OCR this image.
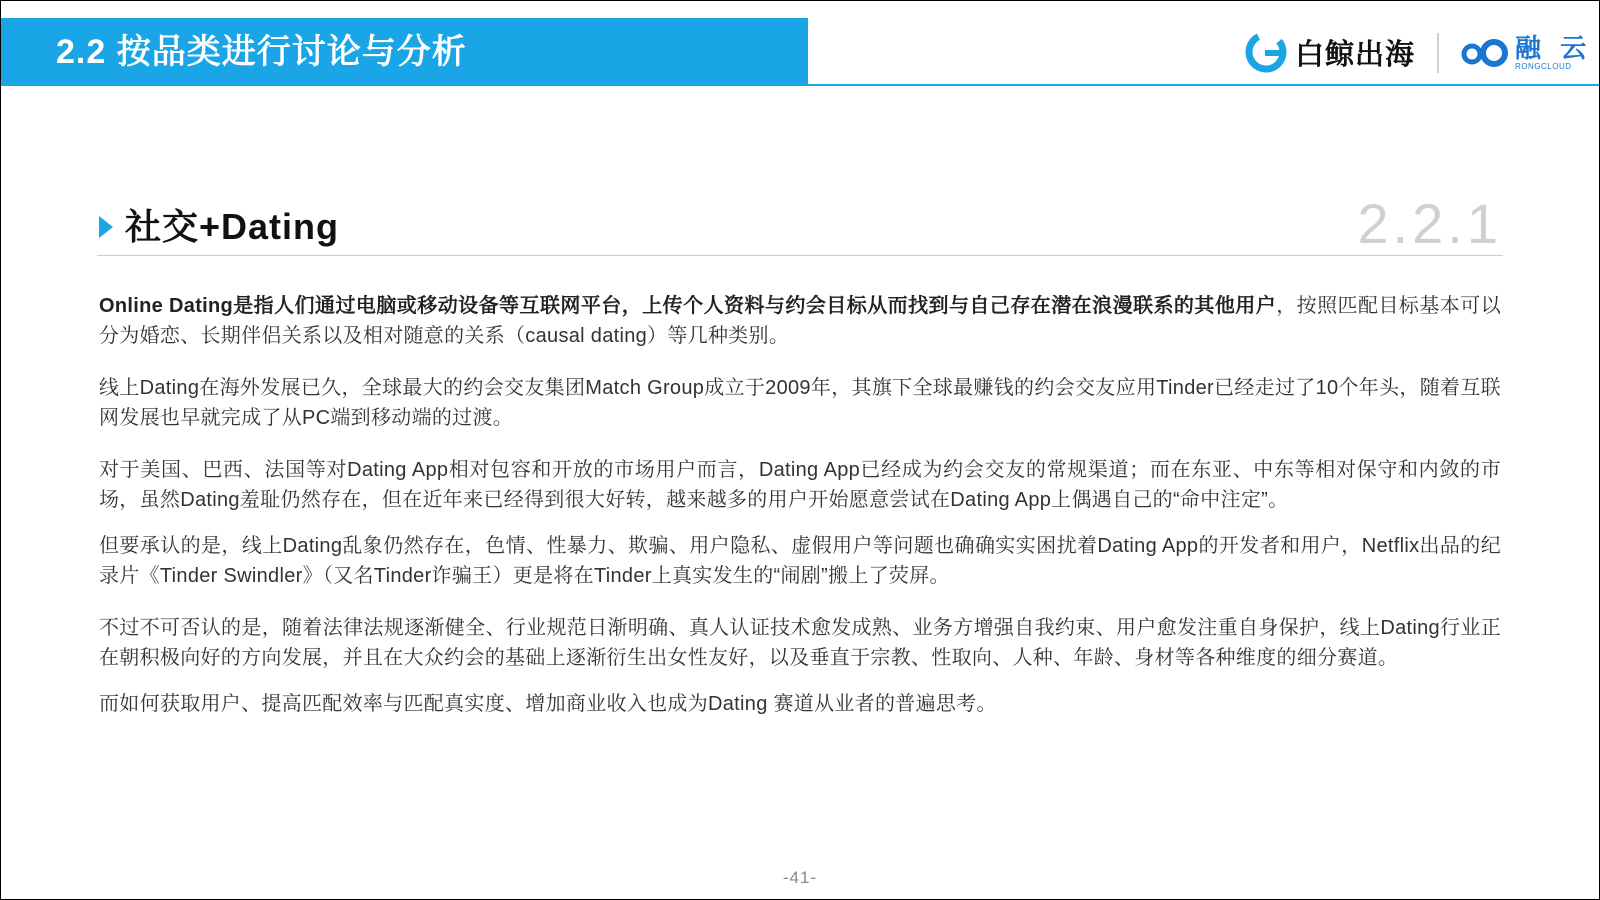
2.2 按品类进行讨论与分析	白鲸出海	融 云
RONGCLOUD
社交+Dating	2.2.1

Online Dating是指人们通过电脑或移动设备等互联网平台，上传个人资料与约会目标从而找到与自己存在潜在浪漫联系的其他用户，按照匹配目标基本可以分为婚恋、长期伴侣关系以及相对随意的关系（causal dating）等几种类别。

线上Dating在海外发展已久，全球最大的约会交友集团Match Group成立于2009年，其旗下全球最赚钱的约会交友应用Tinder已经走过了10个年头，随着互联网发展也早就完成了从PC端到移动端的过渡。

对于美国、巴西、法国等对Dating App相对包容和开放的市场用户而言，Dating App已经成为约会交友的常规渠道；而在东亚、中东等相对保守和内敛的市场，虽然Dating羞耻仍然存在，但在近年来已经得到很大好转，越来越多的用户开始愿意尝试在Dating App上偶遇自己的“命中注定”。

但要承认的是，线上Dating乱象仍然存在，色情、性暴力、欺骗、用户隐私、虚假用户等问题也确确实实困扰着Dating App的开发者和用户，Netflix出品的纪录片《Tinder Swindler》（又名Tinder诈骗王）更是将在Tinder上真实发生的“闹剧”搬上了荧屏。

不过不可否认的是，随着法律法规逐渐健全、行业规范日渐明确、真人认证技术愈发成熟、业务方增强自我约束、用户愈发注重自身保护，线上Dating行业正在朝积极向好的方向发展，并且在大众约会的基础上逐渐衍生出女性友好，以及垂直于宗教、性取向、人种、年龄、身材等各种维度的细分赛道。

而如何获取用户、提高匹配效率与匹配真实度、增加商业收入也成为Dating 赛道从业者的普遍思考。

-41-
